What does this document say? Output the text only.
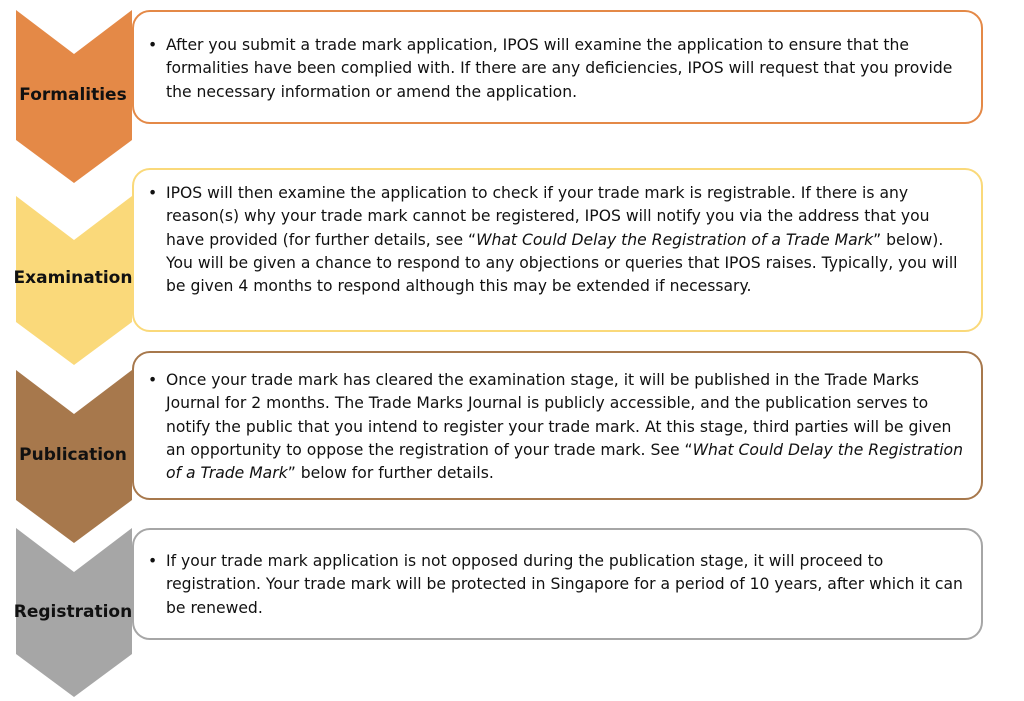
• After you submit a trade mark application, IPOS will examine the application to ensure that the formalities have been complied with. If there are any deficiencies, IPOS will request that you provide the necessary information or amend the application.
• IPOS will then examine the application to check if your trade mark is registrable. If there is any reason(s) why your trade mark cannot be registered, IPOS will notify you via the address that you have provided (for further details, see “What Could Delay the Registration of a Trade Mark” below). You will be given a chance to respond to any objections or queries that IPOS raises. Typically, you will be given 4 months to respond although this may be extended if necessary.
• Once your trade mark has cleared the examination stage, it will be published in the Trade Marks Journal for 2 months. The Trade Marks Journal is publicly accessible, and the publication serves to notify the public that you intend to register your trade mark. At this stage, third parties will be given an opportunity to oppose the registration of your trade mark. See “What Could Delay the Registration of a Trade Mark” below for further details.
• If your trade mark application is not opposed during the publication stage, it will proceed to registration. Your trade mark will be protected in Singapore for a period of 10 years, after which it can be renewed.
Formalities
Examination
Publication
Registration
